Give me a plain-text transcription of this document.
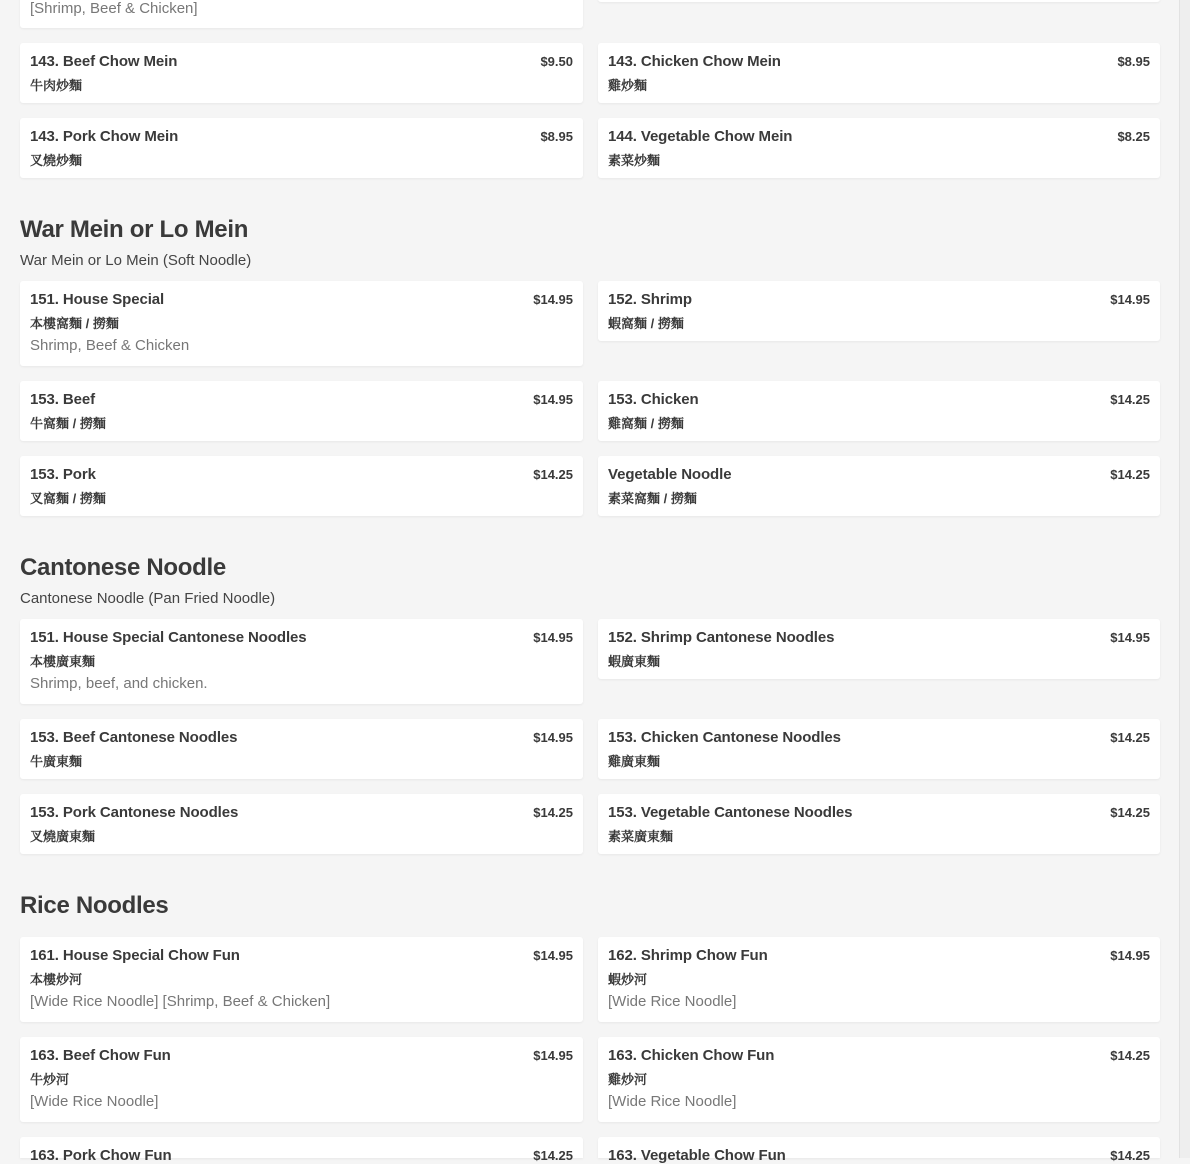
[Shrimp, Beef & Chicken]
143. Beef Chow Mein	$9.50
牛肉炒麵
143. Chicken Chow Mein	$8.95
雞炒麵
143. Pork Chow Mein	$8.95
叉燒炒麵
144. Vegetable Chow Mein	$8.25
素菜炒麵
War Mein or Lo Mein
War Mein or Lo Mein (Soft Noodle)
151. House Special	$14.95
本樓窩麵 / 撈麵
Shrimp, Beef & Chicken
152. Shrimp	$14.95
蝦窩麵 / 撈麵
153. Beef	$14.95
牛窩麵 / 撈麵
153. Chicken	$14.25
雞窩麵 / 撈麵
153. Pork	$14.25
叉窩麵 / 撈麵
Vegetable Noodle	$14.25
素菜窩麵 / 撈麵
Cantonese Noodle
Cantonese Noodle (Pan Fried Noodle)
151. House Special Cantonese Noodles	$14.95
本樓廣東麵
Shrimp, beef, and chicken.
152. Shrimp Cantonese Noodles	$14.95
蝦廣東麵
153. Beef Cantonese Noodles	$14.95
牛廣東麵
153. Chicken Cantonese Noodles	$14.25
雞廣東麵
153. Pork Cantonese Noodles	$14.25
叉燒廣東麵
153. Vegetable Cantonese Noodles	$14.25
素菜廣東麵
Rice Noodles
161. House Special Chow Fun	$14.95
本樓炒河
[Wide Rice Noodle] [Shrimp, Beef & Chicken]
162. Shrimp Chow Fun	$14.95
蝦炒河
[Wide Rice Noodle]
163. Beef Chow Fun	$14.95
牛炒河
[Wide Rice Noodle]
163. Chicken Chow Fun	$14.25
雞炒河
[Wide Rice Noodle]
163. Pork Chow Fun	$14.25 163. Vegetable Chow Fun	$14.25
